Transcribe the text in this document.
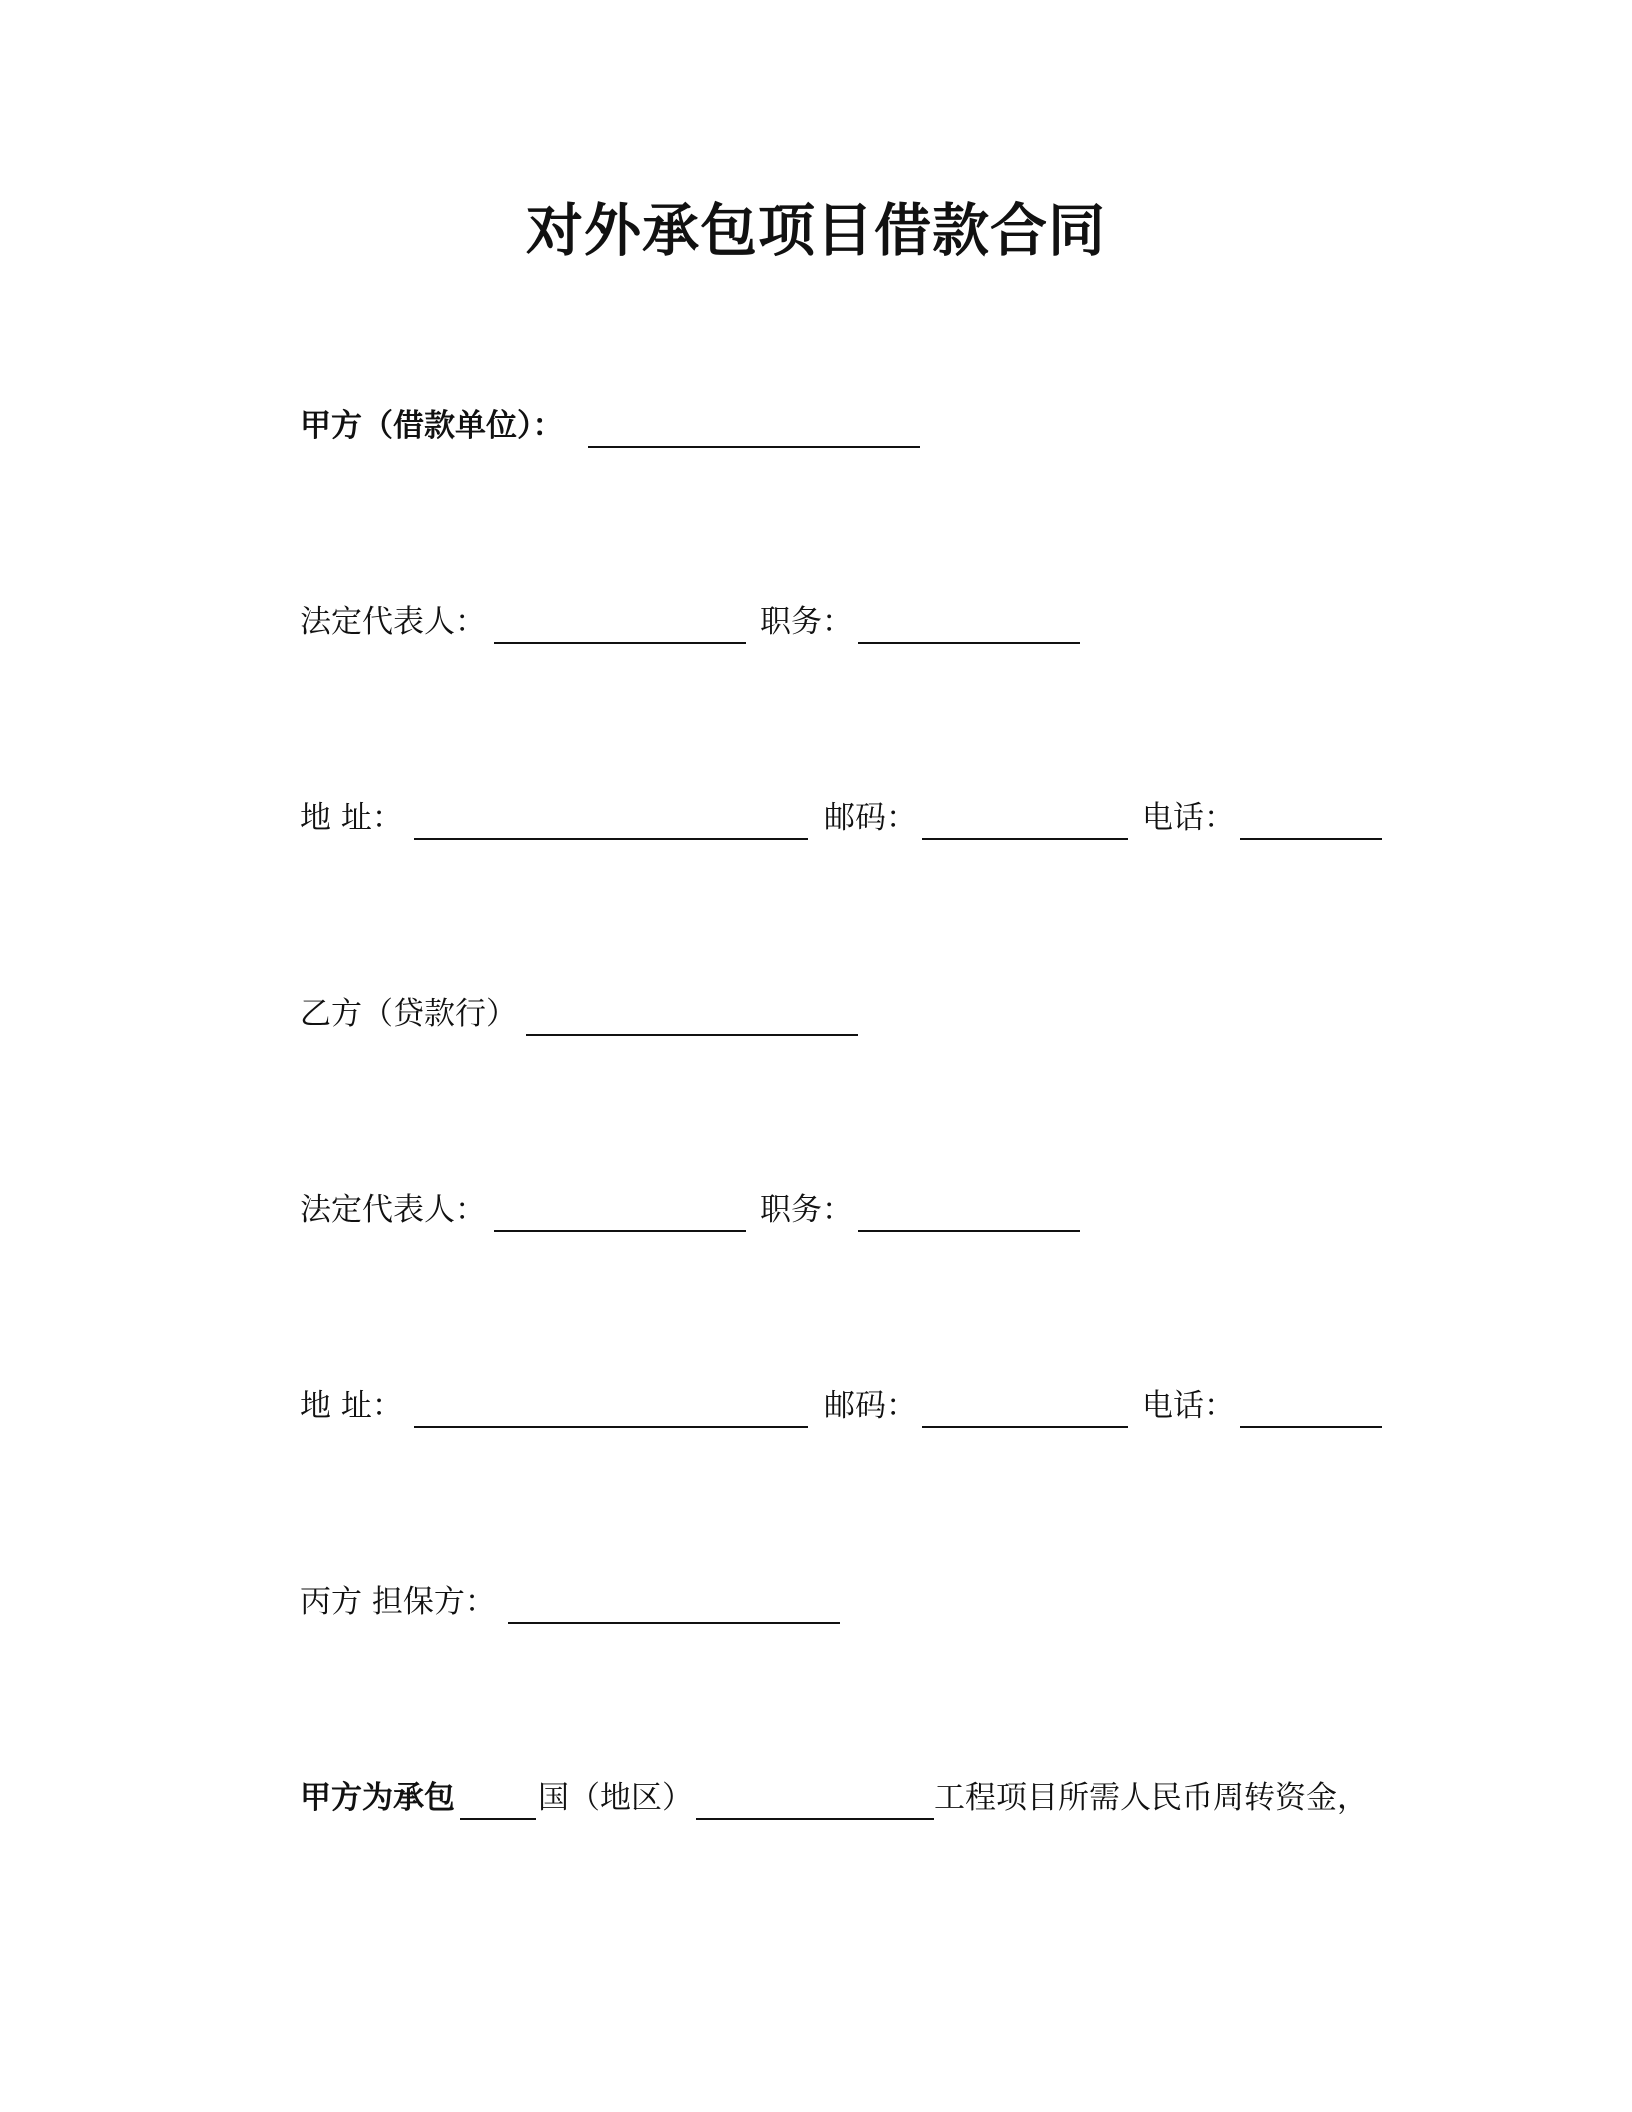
对外承包项目借款合同
甲方（借款单位）：
法定代表人：	职务：
地 址：	邮码：	电话：
乙方（贷款行）
法定代表人：	职务：
地 址：	邮码：	电话：
丙方 担保方：
甲方为承包	国（地区）	工程项目所需人民币周转资金，
